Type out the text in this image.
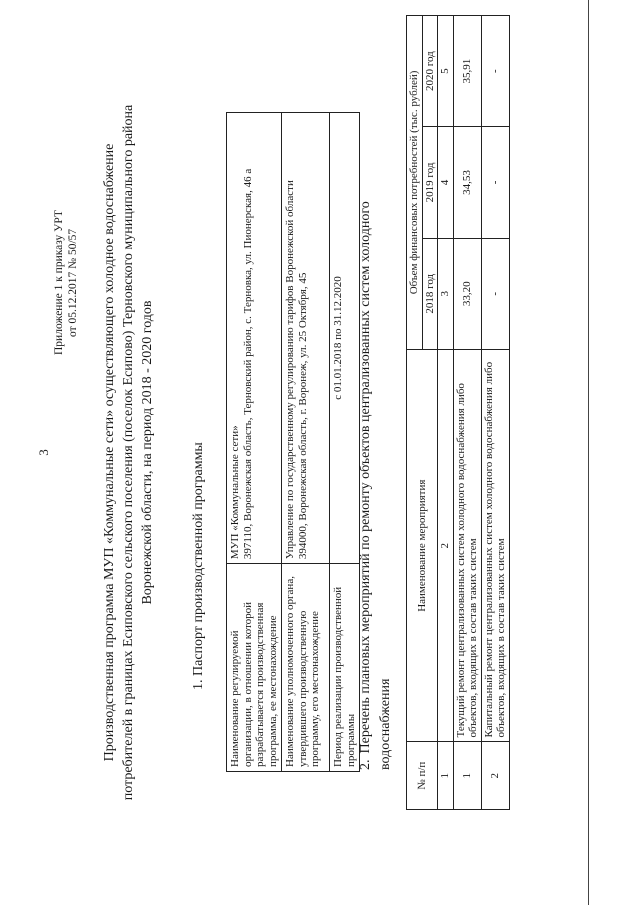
3
Приложение 1 к приказу УРТ от 05.12.2017 № 50/57 Производственная программа МУП «Коммунальные сети» осуществляющего холодное водоснабжение потребителей в границах Есиповского сельского поселения (поселок Есипово) Терновского муниципального района Воронежской области, на период 2018 - 2020 годов	1. Паспорт производственной программы
Наименование регулируемой организации, в отношении которой разрабатывается производственная программа, ее местонахождение	МУП «Коммунальные сети» 397110, Воронежская область, Терновский район, с. Терновка, ул. Пионерская, 46 а

Наименование уполномоченного органа, утвердившего производственную программу, его местонахождение	Управление по государственному регулированию тарифов Воронежской области 394000, Воронежская область, г. Воронеж, ул. 25 Октября, 45

Период реализации производственной программы	с 01.01.2018 по 31.12.2020
2.Перечень плановых мероприятий по ремонту объектов централизованных систем холодного водоснабжения
№ п/п	Наименование мероприятия	Объем финансовых потребностей (тыс. рублей)		
		2018 год	2019 год	2020 год
1	2	3	4	5
1	Текущий ремонт централизованных систем холодного водоснабжения либо объектов, входящих в состав таких систем	33,20	34,53	35,91
2	Капитальный ремонт централизованных систем холодного водоснабжения либо объектов, входящих в состав таких систем	-	-	-
